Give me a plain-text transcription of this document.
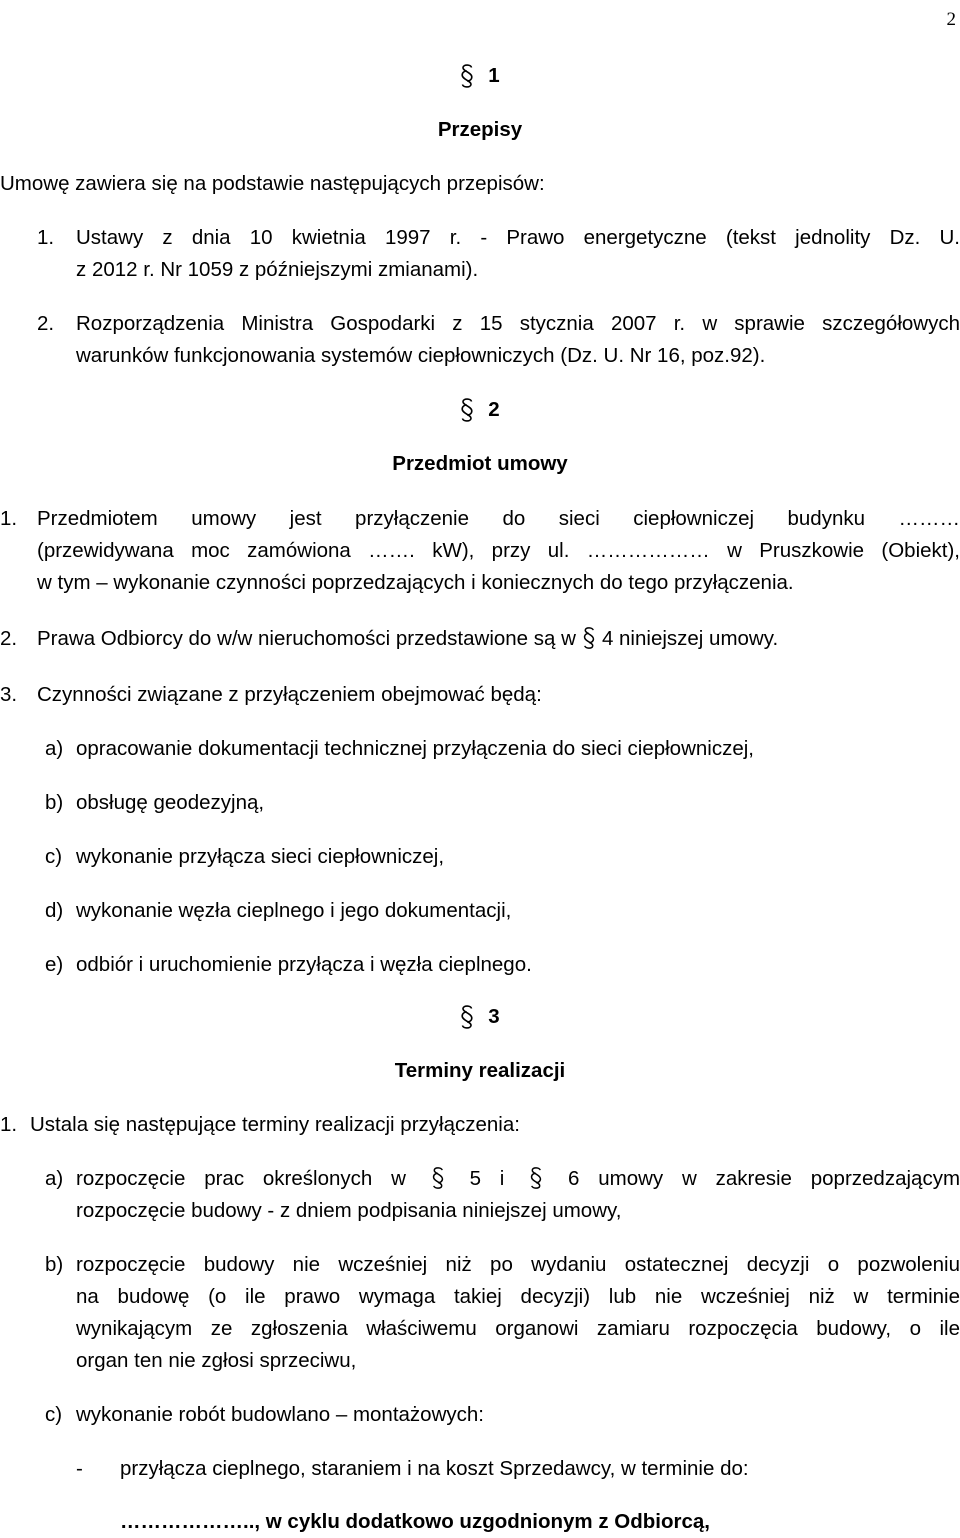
2
1
Przepisy
Umowę zawiera się na podstawie następujących przepisów:
1. Ustawy z dnia 10 kwietnia 1997 r. - Prawo energetyczne (tekst jednolity Dz. U.
z 2012 r. Nr 1059 z późniejszymi zmianami).
2. Rozporządzenia Ministra Gospodarki z 15 stycznia 2007 r. w sprawie szczegółowych
warunków funkcjonowania systemów ciepłowniczych (Dz. U. Nr 16, poz.92).
2
Przedmiot umowy
1. Przedmiotem umowy jest przyłączenie do sieci ciepłowniczej budynku ………
(przewidywana moc zamówiona ……. kW), przy ul. ……………… w Pruszkowie (Obiekt),
w tym – wykonanie czynności poprzedzających i koniecznych do tego przyłączenia.
2. Prawa Odbiorcy do w/w nieruchomości przedstawione są w 4 niniejszej umowy.
3. Czynności związane z przyłączeniem obejmować będą:
a) opracowanie dokumentacji technicznej przyłączenia do sieci ciepłowniczej,
b) obsługę geodezyjną,
c) wykonanie przyłącza sieci ciepłowniczej,
d) wykonanie węzła cieplnego i jego dokumentacji,
e) odbiór i uruchomienie przyłącza i węzła cieplnego.
3
Terminy realizacji
1. Ustala się następujące terminy realizacji przyłączenia:
a) rozpoczęcie prac określonych w	5 i	6 umowy w zakresie poprzedzającym
rozpoczęcie budowy - z dniem podpisania niniejszej umowy,
b) rozpoczęcie budowy nie wcześniej niż po wydaniu ostatecznej decyzji o pozwoleniu
na budowę (o ile prawo wymaga takiej decyzji) lub nie wcześniej niż w terminie
wynikającym ze zgłoszenia właściwemu organowi zamiaru rozpoczęcia budowy, o ile
organ ten nie zgłosi sprzeciwu,
c) wykonanie robót budowlano – montażowych:
- przyłącza cieplnego, staraniem i na koszt Sprzedawcy, w terminie do:
……………….., w cyklu dodatkowo uzgodnionym z Odbiorcą,
